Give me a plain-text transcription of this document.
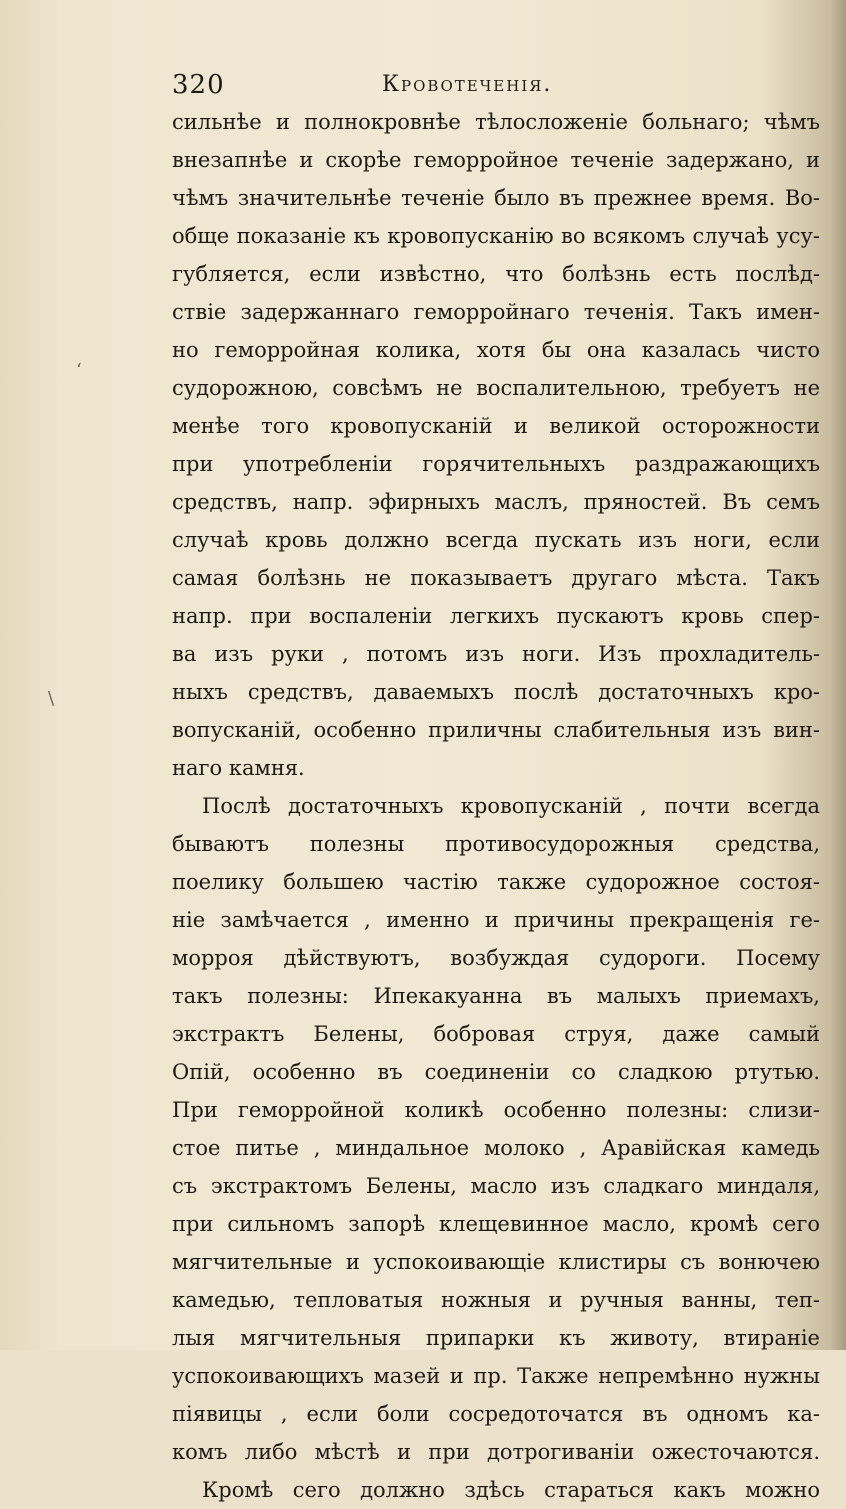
320	Кровотеченія.
сильнѣе и полнокровнѣе тѣлосложеніе больнаго; чѣмъ
внезапнѣе и скорѣе геморройное теченіе задержано, и
чѣмъ значительнѣе теченіе было въ прежнее время. Во-
обще показаніе къ кровопусканію во всякомъ случаѣ усу-
губляется, если извѣстно, что болѣзнь есть послѣд-
ствіе задержаннаго геморройнаго теченія. Такъ имен-
но геморройная колика, хотя бы она казалась чисто
судорожною, совсѣмъ не воспалительною, требуетъ не
менѣе того кровопусканій и великой осторожности
при употребленіи горячительныхъ раздражающихъ
средствъ, напр. эфирныхъ маслъ, пряностей. Въ семъ
случаѣ кровь должно всегда пускать изъ ноги, если
самая болѣзнь не показываетъ другаго мѣста. Такъ
напр. при воспаленіи легкихъ пускаютъ кровь спер-
ва изъ руки , потомъ изъ ноги. Изъ прохладитель-
ныхъ средствъ, даваемыхъ послѣ достаточныхъ кро-
вопусканій, особенно приличны слабительныя изъ вин-
наго камня.
Послѣ достаточныхъ кровопусканій , почти всегда
бываютъ полезны противосудорожныя средства,
поелику большею частію также судорожное состоя-
ніе замѣчается , именно и причины прекращенія ге-
морроя дѣйствуютъ, возбуждая судороги. Посему
такъ полезны: Ипекакуанна въ малыхъ приемахъ,
экстрактъ Белены, бобровая струя, даже самый
Опій, особенно въ соединеніи со сладкою ртутью.
При геморройной коликѣ особенно полезны: слизи-
стое питье , миндальное молоко , Аравійская камедь
съ экстрактомъ Белены, масло изъ сладкаго миндаля,
при сильномъ запорѣ клещевинное масло, кромѣ сего
мягчительные и успокоивающіе клистиры съ вонючею
камедью, тепловатыя ножныя и ручныя ванны, теп-
лыя мягчительныя припарки къ животу, втираніе
успокоивающихъ мазей и пр. Также непремѣнно нужны
піявицы , если боли сосредоточатся въ одномъ ка-
комъ либо мѣстѣ и при дотрогиваніи ожесточаются.
Кромѣ сего должно здѣсь стараться какъ можно
\
ʻ
